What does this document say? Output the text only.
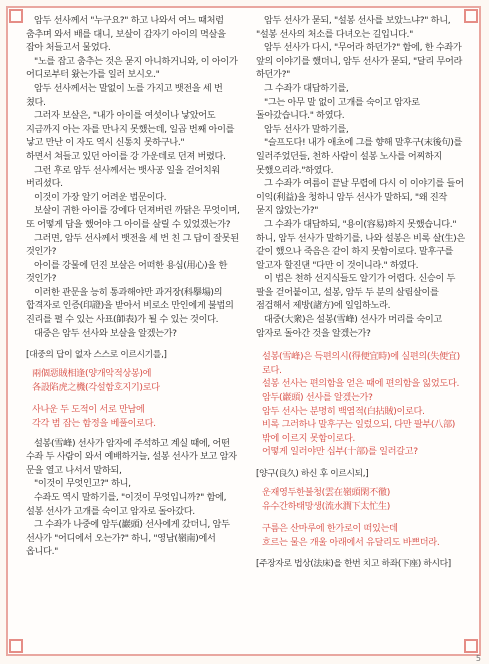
암두 선사께서 "누구요?" 하고 나와서 여느 때처럼 춤추며 와서 배를 대니, 보살이 갑자기 아이의 멱살을 잡아 처들고서 물었다.

"노를 잡고 춤추는 것은 묻지 아니하거니와, 이 아이가 어디로부터 왔는가를 일러 보시오."

암두 선사께서는 말없이 노를 가지고 뱃전을 세 번 쳤다.

그러자 보살은, "내가 아이를 여섯이나 낳았어도 지금까지 아는 자를 만나지 못했는데, 일곱 번째 아이를 낳고 만난 이 자도 역시 신통치 못하구나."

하면서 쳐들고 있던 아이를 강 가운데로 던져 버렸다.

그런 후로 암두 선사께서는 뱃사공 일을 걷어치워 버리셨다.

이것이 가장 알기 어려운 법문이다.

보살이 귀한 아이를 강에다 던져버린 까닭은 무엇이며, 또 어떻게 답을 했어야 그 아이를 살릴 수 있었겠는가?

그러면, 암두 선사께서 뱃전을 세 번 친 그 답이 잘못된 것인가?

아이를 강물에 던진 보살은 어떠한 용심(用心)을 한 것인가?

이러한 관문을 능히 통과해야만 과거장(科擧場)의 합격자로 인증(印證)을 받아서 비로소 만인에게 불법의 진리를 펼 수 있는 사표(師表)가 될 수 있는 것이다.

대중은 암두 선사와 보살을 알겠는가?

[대중의 답이 없자 스스로 이르시기를,]
兩個惡賊相逢(양개악적상봉)에
各設陷虎之機(각설함호지기)로다
사나운 두 도적이 서로 만남에
각각 범 잡는 함정을 베풀이로다.

설봉(雪峰) 선사가 암자에 주석하고 계실 때에, 어떤 수좌 두 사람이 와서 예배하거늘, 설봉 선사가 보고 암자 문을 열고 나서서 말하되,

"이것이 무엇인고?" 하니,

수좌도 역시 말하기를, "이것이 무엇입니까?" 함에, 설봉 선사가 고개를 숙이고 암자로 돌아갔다.

그 수좌가 나중에 암두(巖頭) 선사에게 갔더니, 암두 선사가 "어디에서 오는가?" 하니, "영남(嶺南)에서 옵니다."

암두 선사가 묻되, "설봉 선사를 보았느냐?" 하니, "설봉 선사의 처소를 다녀오는 길입니다."

암두 선사가 다시, "무어라 하던가?" 함에, 한 수좌가 앞의 이야기를 했더니, 암두 선사가 묻되, "달리 무어라 하던가?"

그 수좌가 대답하기를,

"그는 아무 말 없이 고개를 숙이고 암자로 돌아갔습니다." 하였다.

암두 선사가 말하기를,

"슬프도다! 내가 애초에 그를 향해 말후구(末後句)를 일러주었던들, 천하 사람이 설봉 노사를 어찌하지 못했으리라."하였다.

그 수좌가 여름이 끝날 무렵에 다시 이 이야기를 들어 이익(利益)을 청하니 암두 선사가 말하되, "왜 진작 묻지 않았는가?"

그 수좌가 대답하되, "용이(容易)하지 못했습니다." 하니, 암두 선사가 말하기를, 나와 설봉은 비록 살(生)은 같이 했으나 죽음은 같이 하지 못함이로다. 말후구를 알고자 할진댄 "다만 이 것이니라." 하였다.

이 법은 천하 선지식들도 알기가 어렵다. 신승이 두 팔을 걷어붙이고, 설봉, 암두 두 분의 살림살이를 점검해서 제방(諸方)에 일임하노라.

대중(大衆)은 설봉(雪峰) 선사가 머리를 숙이고 암자로 돌아간 것을 알겠는가?

설봉(雪峰)은 득편의시(得便宜時)에 실편의(失便宜)로다.
설봉 선사는 편의함을 얻은 때에 편의함을 잃었도다.
암두(巖頭) 선사를 알겠는가?
암두 선사는 분명히 백염적(白拈賊)이로다.
비록 그러하나 말후구는 일렀으되, 다만 팔부(八部)밖에 이르지 못함이로다.
어떻게 일러야만 십부(十部)를 일러갈고?
[양구(良久) 하신 후 이르시되,]
운재영두한불청(雲在嶺頭閑不徹)
유수간하태망생(流水澗下太忙生)
구름은 산마루에 한가로이 떠있는데
흐르는 물은 개울 아래에서 유달리도 바쁘더라.
[주장자로 법상(法床)을 한번 치고 하좌(下座) 하시다]
5
